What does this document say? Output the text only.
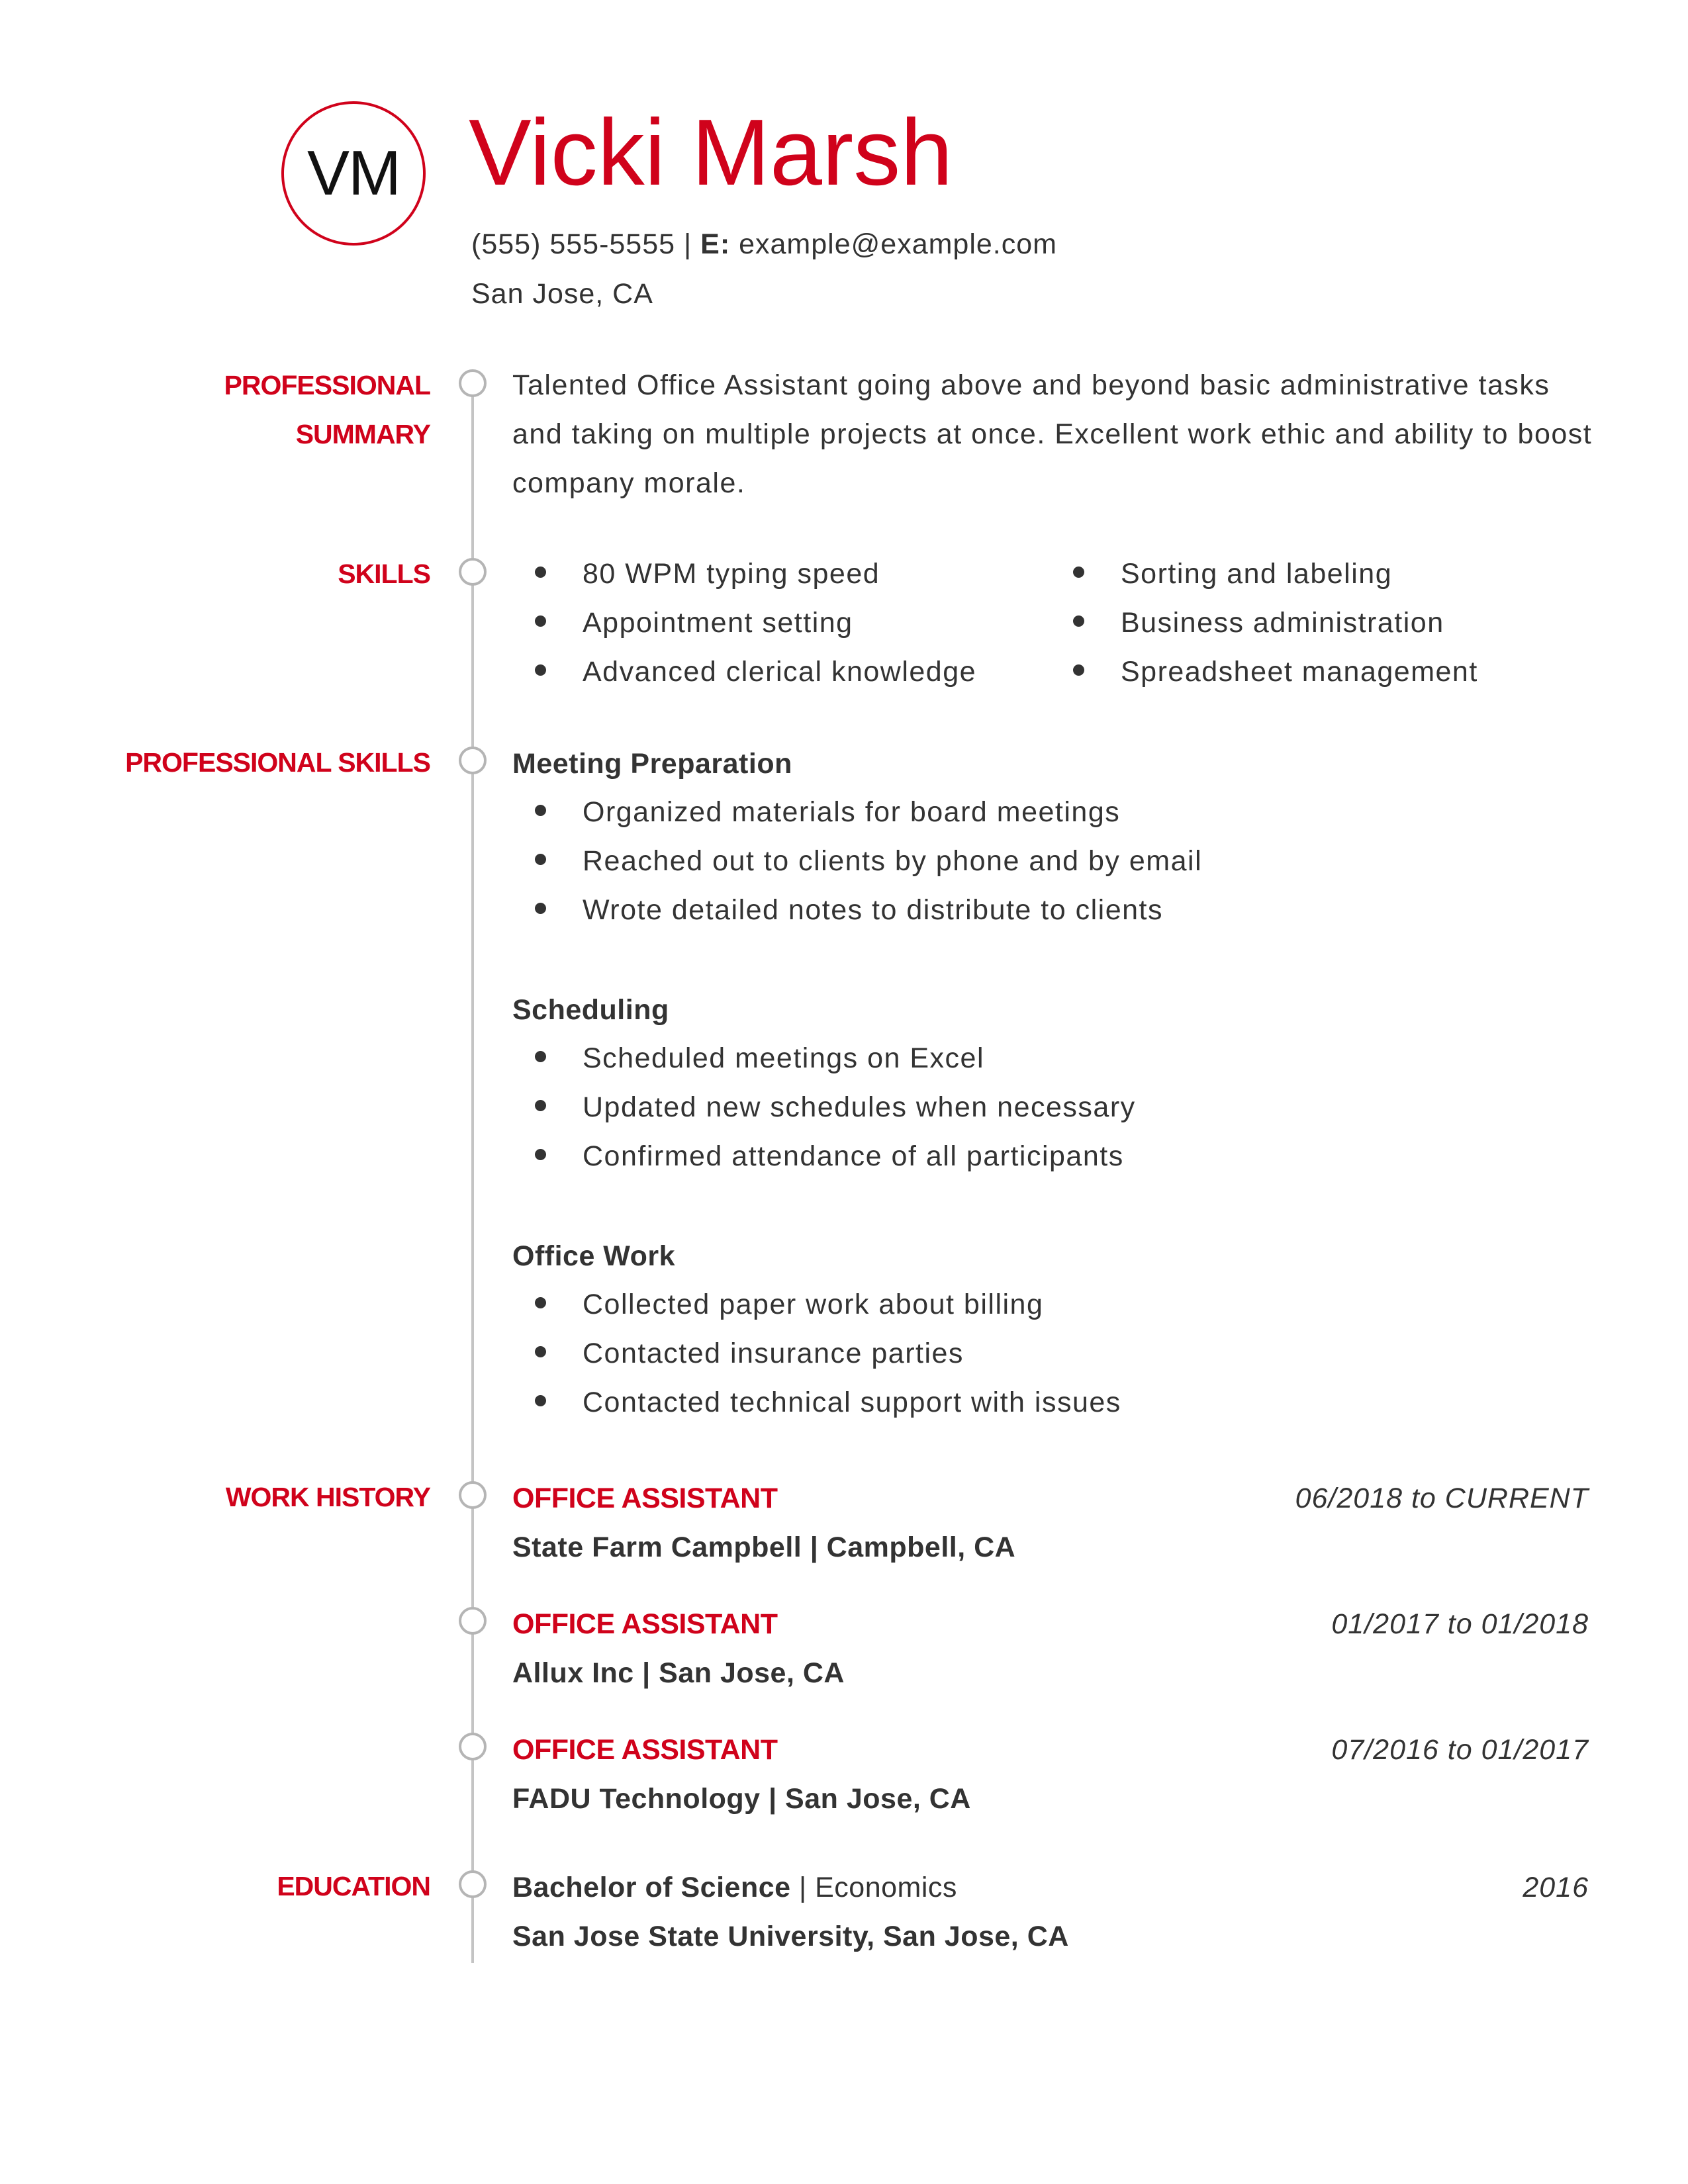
VM Vicki Marsh
(555) 555-5555 | E: example@example.com
San Jose, CA
PROFESSIONAL
SUMMARY
Talented Office Assistant going above and beyond basic administrative tasks and taking on multiple projects at once. Excellent work ethic and ability to boost company morale.
SKILLS	80 WPM typing speed
Appointment setting
Advanced clerical knowledge
Sorting and labeling
Business administration
Spreadsheet management
PROFESSIONAL SKILLS	Meeting Preparation
Organized materials for board meetings
Reached out to clients by phone and by email
Wrote detailed notes to distribute to clients
Scheduling
Scheduled meetings on Excel
Updated new schedules when necessary
Confirmed attendance of all participants
Office Work
Collected paper work about billing
Contacted insurance parties
Contacted technical support with issues
WORK HISTORY	OFFICE ASSISTANT	06/2018 to CURRENT
State Farm Campbell | Campbell, CA
OFFICE ASSISTANT	01/2017 to 01/2018
Allux Inc | San Jose, CA
OFFICE ASSISTANT	07/2016 to 01/2017
FADU Technology | San Jose, CA
EDUCATION	Bachelor of Science | Economics	2016
San Jose State University, San Jose, CA
